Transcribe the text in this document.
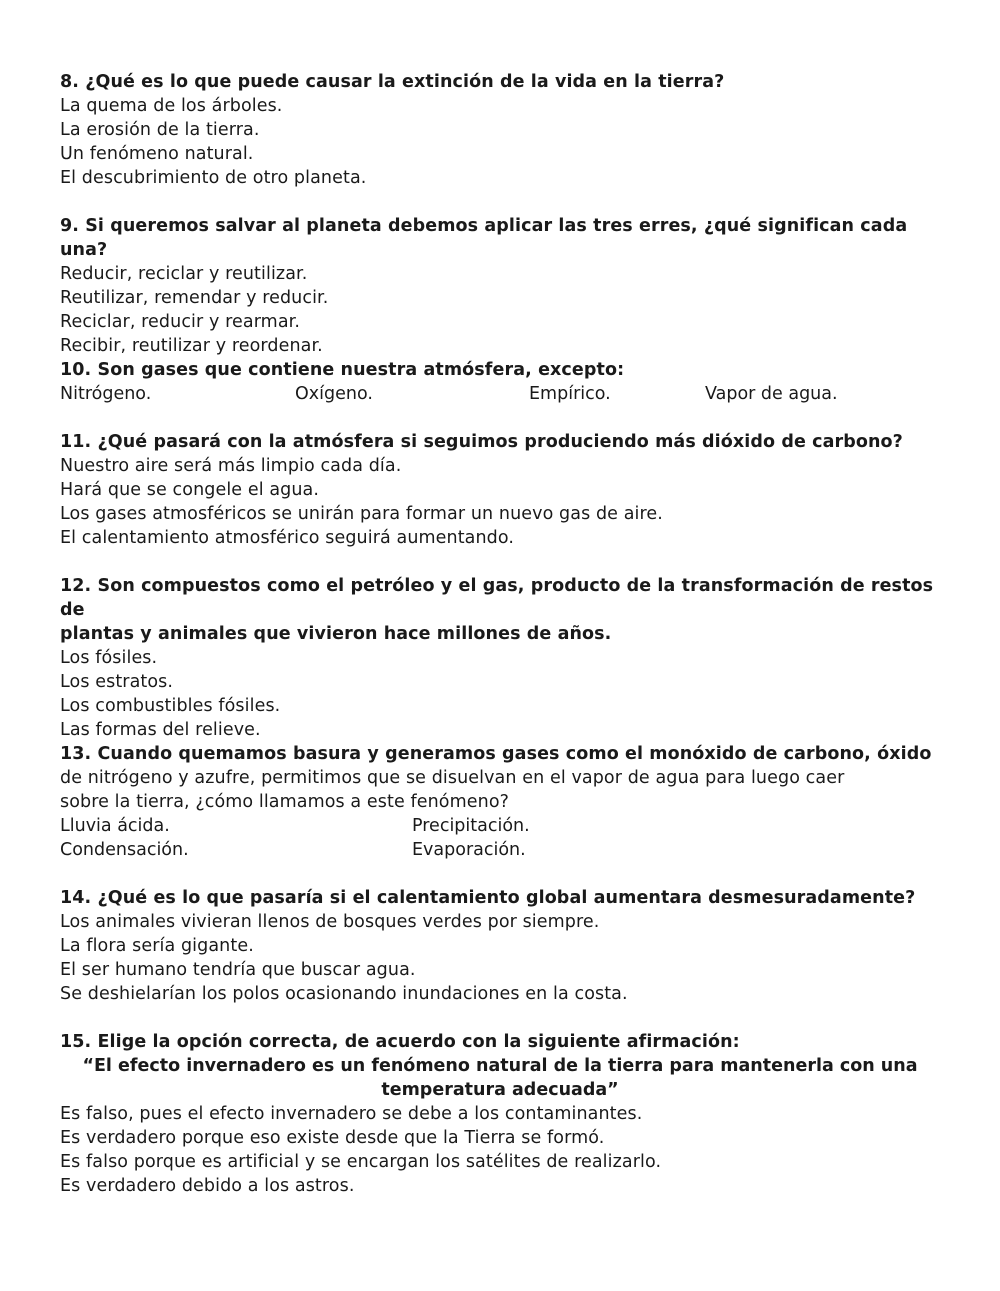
8. ¿Qué es lo que puede causar la extinción de la vida en la tierra?

La quema de los árboles.

La erosión de la tierra.

Un fenómeno natural.

El descubrimiento de otro planeta.

9. Si queremos salvar al planeta debemos aplicar las tres erres, ¿qué significan cada una?

Reducir, reciclar y reutilizar.

Reutilizar, remendar y reducir.

Reciclar, reducir y rearmar.

Recibir, reutilizar y reordenar.

10. Son gases que contiene nuestra atmósfera, excepto:

Nitrógeno.	Oxígeno.	Empírico.	Vapor de agua.

11. ¿Qué pasará con la atmósfera si seguimos produciendo más dióxido de carbono?

Nuestro aire será más limpio cada día.

Hará que se congele el agua.

Los gases atmosféricos se unirán para formar un nuevo gas de aire.

El calentamiento atmosférico seguirá aumentando.

12. Son compuestos como el petróleo y el gas, producto de la transformación de restos de

plantas y animales que vivieron hace millones de años.

Los fósiles.

Los estratos.

Los combustibles fósiles.

Las formas del relieve.

13. Cuando quemamos basura y generamos gases como el monóxido de carbono, óxido

de nitrógeno y azufre, permitimos que se disuelvan en el vapor de agua para luego caer

sobre la tierra, ¿cómo llamamos a este fenómeno?

Lluvia ácida.	Precipitación.
Condensación.	Evaporación.

14. ¿Qué es lo que pasaría si el calentamiento global aumentara desmesuradamente?

Los animales vivieran llenos de bosques verdes por siempre.

La flora sería gigante.

El ser humano tendría que buscar agua.

Se deshielarían los polos ocasionando inundaciones en la costa.

15. Elige la opción correcta, de acuerdo con la siguiente afirmación:

“El efecto invernadero es un fenómeno natural de la tierra para mantenerla con una

temperatura adecuada”

Es falso, pues el efecto invernadero se debe a los contaminantes.

Es verdadero porque eso existe desde que la Tierra se formó.

Es falso porque es artificial y se encargan los satélites de realizarlo.

Es verdadero debido a los astros.
